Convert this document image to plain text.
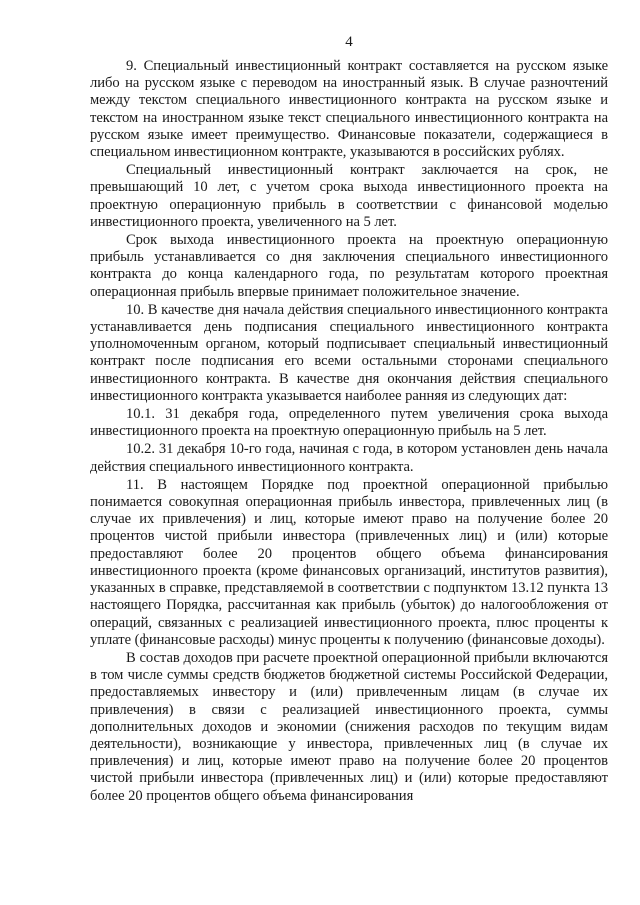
4

9. Специальный инвестиционный контракт составляется на русском языке либо на русском языке с переводом на иностранный язык. В случае разночтений между текстом специального инвестиционного контракта на русском языке и текстом на иностранном языке текст специального инвестиционного контракта на русском языке имеет преимущество. Финансовые показатели, содержащиеся в специальном инвестиционном контракте, указываются в российских рублях.

Специальный инвестиционный контракт заключается на срок, не превышающий 10 лет, с учетом срока выхода инвестиционного проекта на проектную операционную прибыль в соответствии с финансовой моделью инвестиционного проекта, увеличенного на 5 лет.

Срок выхода инвестиционного проекта на проектную операционную прибыль устанавливается со дня заключения специального инвестиционного контракта до конца календарного года, по результатам которого проектная операционная прибыль впервые принимает положительное значение.

10. В качестве дня начала действия специального инвестиционного контракта устанавливается день подписания специального инвестиционного контракта уполномоченным органом, который подписывает специальный инвестиционный контракт после подписания его всеми остальными сторонами специального инвестиционного контракта. В качестве дня окончания действия специального инвестиционного контракта указывается наиболее ранняя из следующих дат:

10.1. 31 декабря года, определенного путем увеличения срока выхода инвестиционного проекта на проектную операционную прибыль на 5 лет.

10.2. 31 декабря 10-го года, начиная с года, в котором установлен день начала действия специального инвестиционного контракта.

11. В настоящем Порядке под проектной операционной прибылью понимается совокупная операционная прибыль инвестора, привлеченных лиц (в случае их привлечения) и лиц, которые имеют право на получение более 20 процентов чистой прибыли инвестора (привлеченных лиц) и (или) которые предоставляют более 20 процентов общего объема финансирования инвестиционного проекта (кроме финансовых организаций, институтов развития), указанных в справке, представляемой в соответствии с подпунктом 13.12 пункта 13 настоящего Порядка, рассчитанная как прибыль (убыток) до налогообложения от операций, связанных с реализацией инвестиционного проекта, плюс проценты к уплате (финансовые расходы) минус проценты к получению (финансовые доходы).

В состав доходов при расчете проектной операционной прибыли включаются в том числе суммы средств бюджетов бюджетной системы Российской Федерации, предоставляемых инвестору и (или) привлеченным лицам (в случае их привлечения) в связи с реализацией инвестиционного проекта, суммы дополнительных доходов и экономии (снижения расходов по текущим видам деятельности), возникающие у инвестора, привлеченных лиц (в случае их привлечения) и лиц, которые имеют право на получение более 20 процентов чистой прибыли инвестора (привлеченных лиц) и (или) которые предоставляют более 20 процентов общего объема финансирования
